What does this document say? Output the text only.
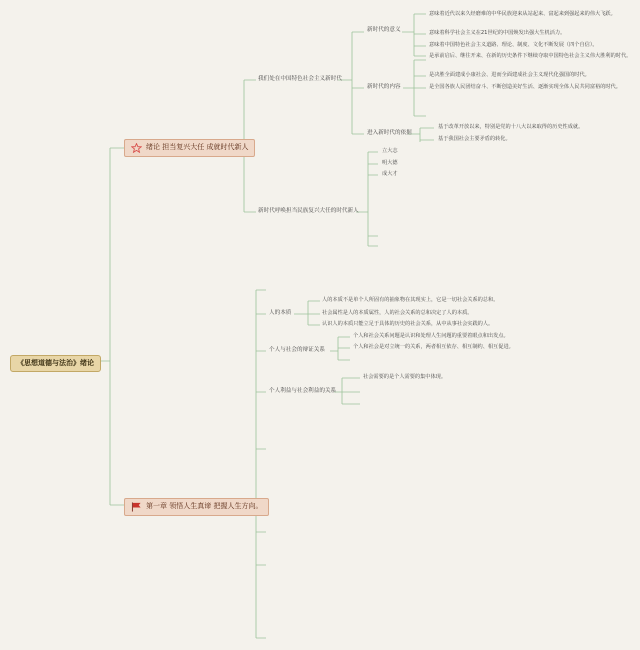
《思想道德与法治》绪论
绪论 担当复兴大任 成就时代新人
我们处在中国特色社会主义新时代
新时代的意义
意味着近代以来久经磨难的中华民族迎来从站起来、富起来到强起来的伟大飞跃。
意味着科学社会主义在21世纪的中国焕发出强大生机活力。
意味着中国特色社会主义道路、理论、制度、文化不断发展（四个自信）。
新时代的内容
是承前启后、继往开来、在新的历史条件下继续夺取中国特色社会主义伟大胜利的时代。
是决胜全面建成小康社会、进而全面建成社会主义现代化强国的时代。
是全国各族人民团结奋斗、不断创造美好生活、逐渐实现全体人民共同富裕的时代。
进入新时代的依据
基于改革开放以来，特别是党的十八大以来取得的历史性成就。
基于我国社会主要矛盾的转化。
新时代呼唤担当民族复兴大任的时代新人
立大志
明大德
成大才
第一章 领悟人生真谛 把握人生方向。
人的本质
人的本质不是单个人所固有的抽象物在其现实上，它是一切社会关系的总和。
社会属性是人的本质属性，人的社会关系的总和决定了人的本质。
认识人的本质只能立足于具体的历史的社会关系，从中从事社会实践的人。
个人与社会的辩证关系
个人和社会关系问题是认识和处理人生问题的重要着眼点和出发点。
个人和社会是对立统一的关系，两者相互依存、相互制约、相互促进。
个人利益与社会利益的关系
社会需要的是个人需要的集中体现。
